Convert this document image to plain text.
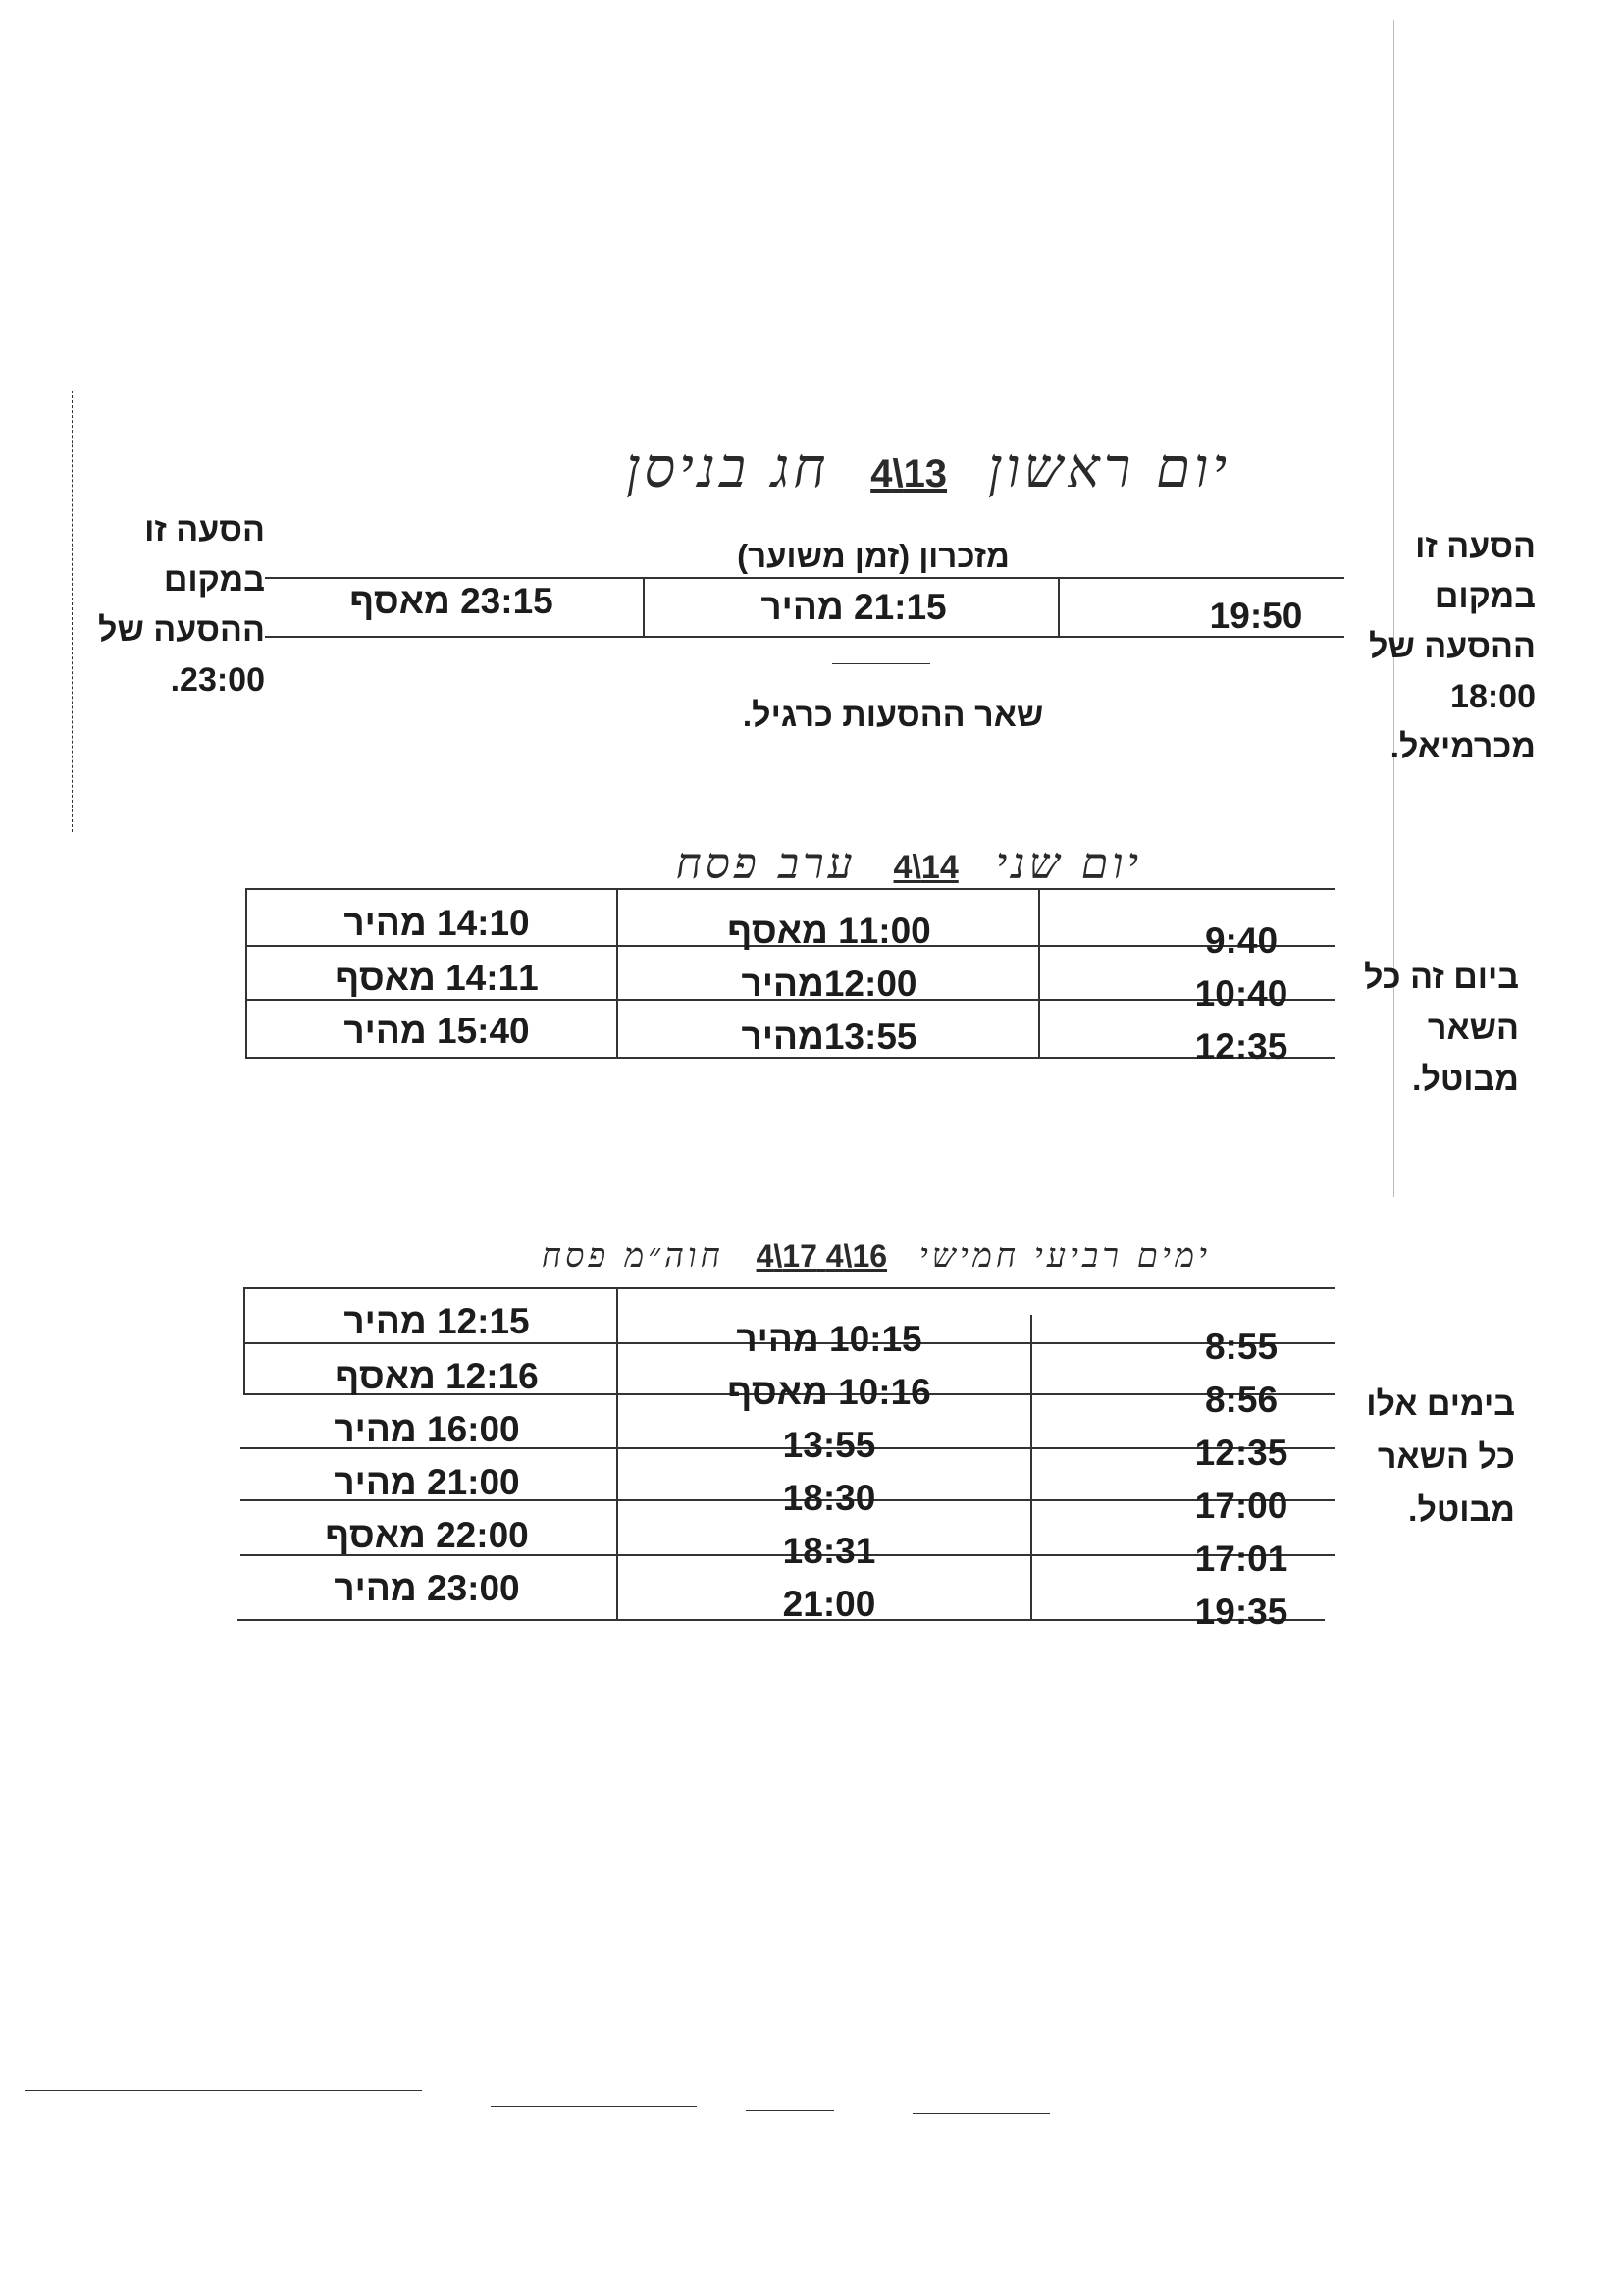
יום ראשון 13\4 חג בניסן
מזכרון (זמן משוער)
19:50
21:15 מהיר
23:15 מאסף
שאר ההסעות כרגיל.
הסעה זו במקום ההסעה של 18:00 מכרמיאל.
הסעה זו במקום ההסעה של 23:00.
יום שני 14\4 ערב פסח
9:40
11:00 מאסף
14:10 מהיר
10:40
12:00מהיר
14:11 מאסף
12:35
13:55מהיר
15:40 מהיר
ביום זה כל השאר מבוטל.
ימים רביעי חמישי 16\4 17\4 חוה״מ פסח
8:55
10:15 מהיר
12:15 מהיר
8:56
10:16 מאסף
12:16 מאסף
12:35
13:55
16:00 מהיר
17:00
18:30
21:00 מהיר
17:01
18:31
22:00 מאסף
19:35
21:00
23:00 מהיר
בימים אלו כל השאר מבוטל.
